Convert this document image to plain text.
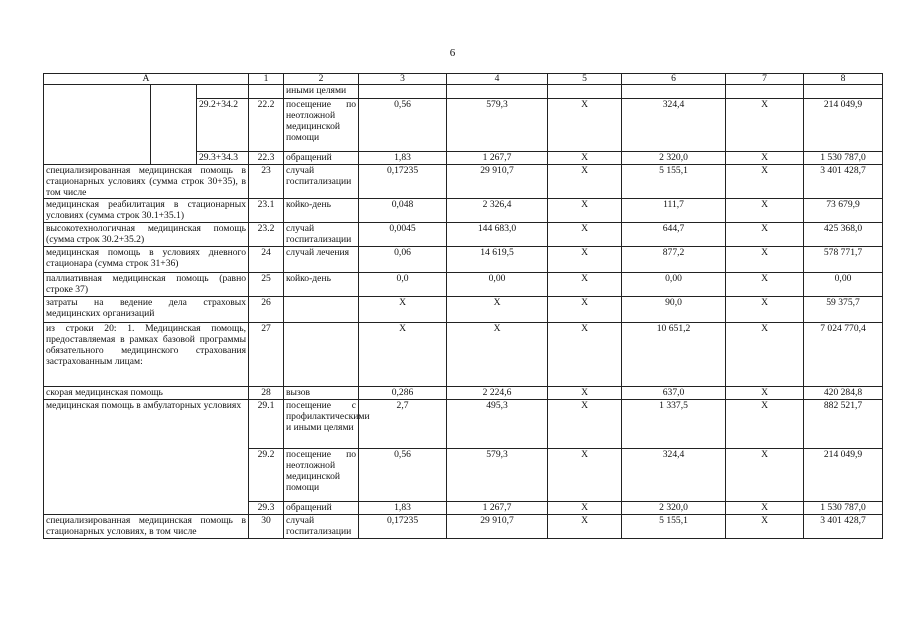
6
А			1	2	3	4	5	6	7	8	
				иными целями							
		29.2+34.2	22.2	посещение по неотложной медицинской помощи	0,56	579,3	Х	324,4	Х	214 049,9	
		29.3+34.3	22.3	обращений	1,83	1 267,7	Х	2 320,0	Х	1 530 787,0	
специализированная медицинская помощь в стационарных условиях (сумма строк 30+35), в том числе			23	случай госпитализации	0,17235	29 910,7	Х	5 155,1	Х	3 401 428,7	
медицинская реабилитация в стационарных условиях (сумма строк 30.1+35.1)			23.1	койко-день	0,048	2 326,4	Х	111,7	Х	73 679,9	
высокотехнологичная медицинская помощь (сумма строк 30.2+35.2)			23.2	случай госпитализации	0,0045	144 683,0	Х	644,7	Х	425 368,0	
медицинская помощь в условиях дневного стационара (сумма строк 31+36)			24	случай лечения	0,06	14 619,5	Х	877,2	Х	578 771,7	
паллиативная медицинская помощь (равно строке 37)			25	койко-день	0,0	0,00	Х	0,00	Х	0,00	
затраты на ведение дела страховых медицинских организаций			26		Х	Х	Х	90,0	Х	59 375,7	
из строки 20: 1. Медицинская помощь, предоставляемая в рамках базовой программы обязательного медицинского страхования застрахованным лицам:			27		Х	Х	Х	10 651,2	Х	7 024 770,4	
скорая медицинская помощь			28	вызов	0,286	2 224,6	Х	637,0	Х	420 284,8	
медицинская помощь в амбулаторных условиях			29.1	посещение с профилактическими и иными целями	2,7	495,3	Х	1 337,5	Х	882 521,7	
			29.2	посещение по неотложной медицинской помощи	0,56	579,3	Х	324,4	Х	214 049,9	
			29.3	обращений	1,83	1 267,7	Х	2 320,0	Х	1 530 787,0	
специализированная медицинская помощь в стационарных условиях, в том числе			30	случай госпитализации	0,17235	29 910,7	Х	5 155,1	Х	3 401 428,7	
